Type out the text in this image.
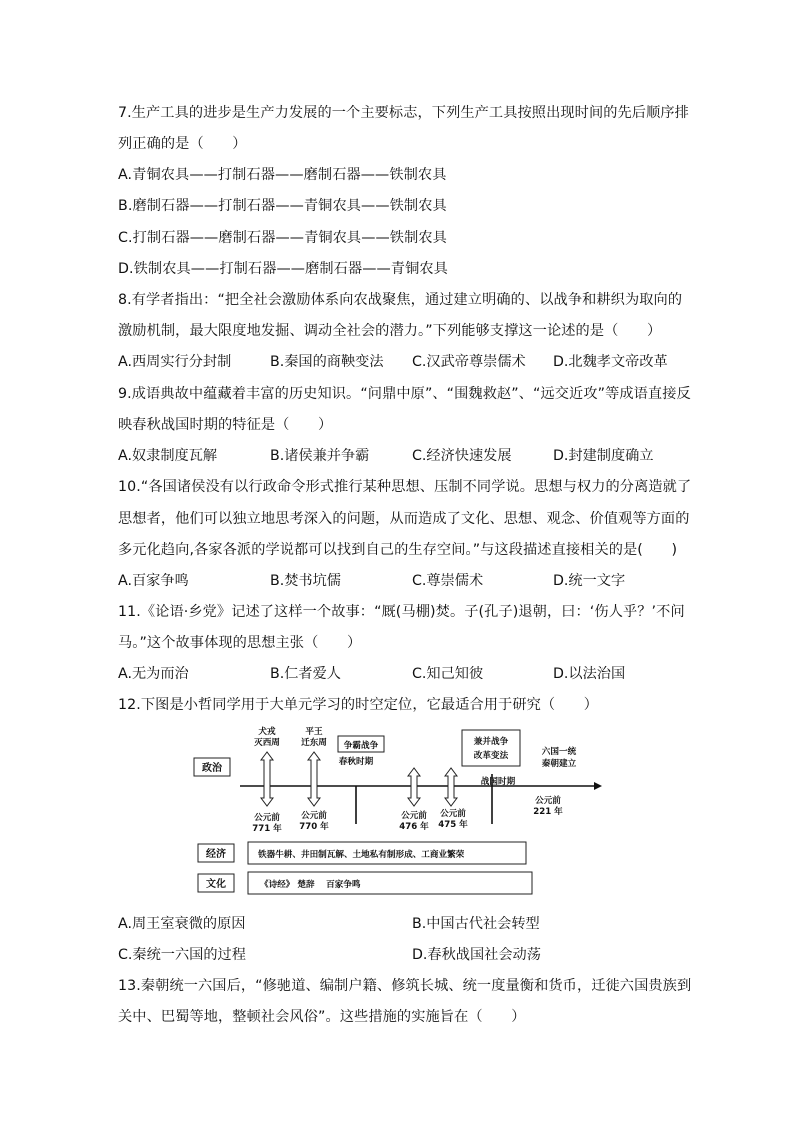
7.生产工具的进步是生产力发展的一个主要标志，下列生产工具按照出现时间的先后顺序排
列正确的是（　　）
A.青铜农具——打制石器——磨制石器——铁制农具
B.磨制石器——打制石器——青铜农具——铁制农具
C.打制石器——磨制石器——青铜农具——铁制农具
D.铁制农具——打制石器——磨制石器——青铜农具
8.有学者指出：“把全社会激励体系向农战聚焦，通过建立明确的、以战争和耕织为取向的
激励机制，最大限度地发掘、调动全社会的潜力。”下列能够支撑这一论述的是（　　）
A.西周实行分封制	B.秦国的商鞅变法 C.汉武帝尊崇儒术 D.北魏孝文帝改革
9.成语典故中蕴藏着丰富的历史知识。“问鼎中原”、“围魏救赵”、“远交近攻”等成语直接反
映春秋战国时期的特征是（　　）
A.奴隶制度瓦解	B.诸侯兼并争霸	C.经济快速发展	D.封建制度确立
10.“各国诸侯没有以行政命令形式推行某种思想、压制不同学说。思想与权力的分离造就了
思想者，他们可以独立地思考深入的问题，从而造成了文化、思想、观念、价值观等方面的
多元化趋向,各家各派的学说都可以找到自己的生存空间。”与这段描述直接相关的是(　　)
A.百家争鸣	B.焚书坑儒	C.尊崇儒术	D.统一文字
11.《论语·乡党》记述了这样一个故事：“厩(马棚)焚。子(孔子)退朝，曰：‘伤人乎？’不问
马。”这个故事体现的思想主张（　　）
A.无为而治	B.仁者爱人	C.知己知彼	D.以法治国
12.下图是小哲同学用于大单元学习的时空定位，它最适合用于研究（　　）
政治
经济
文化
犬戎
灭西周
平王
迁东周 争霸战争
春秋时期
兼并战争
改革变法
战国时期
六国一统
秦朝建立
公元前
771 年
公元前
770 年
公元前
476 年
公元前
475 年
公元前
221 年
铁器牛耕、井田制瓦解、土地私有制形成、工商业繁荣
《诗经》 楚辞　 百家争鸣
A.周王室衰微的原因	B.中国古代社会转型
C.秦统一六国的过程	D.春秋战国社会动荡
13.秦朝统一六国后，“修驰道、编制户籍、修筑长城、统一度量衡和货币，迁徙六国贵族到
关中、巴蜀等地，整顿社会风俗”。这些措施的实施旨在（　　）
